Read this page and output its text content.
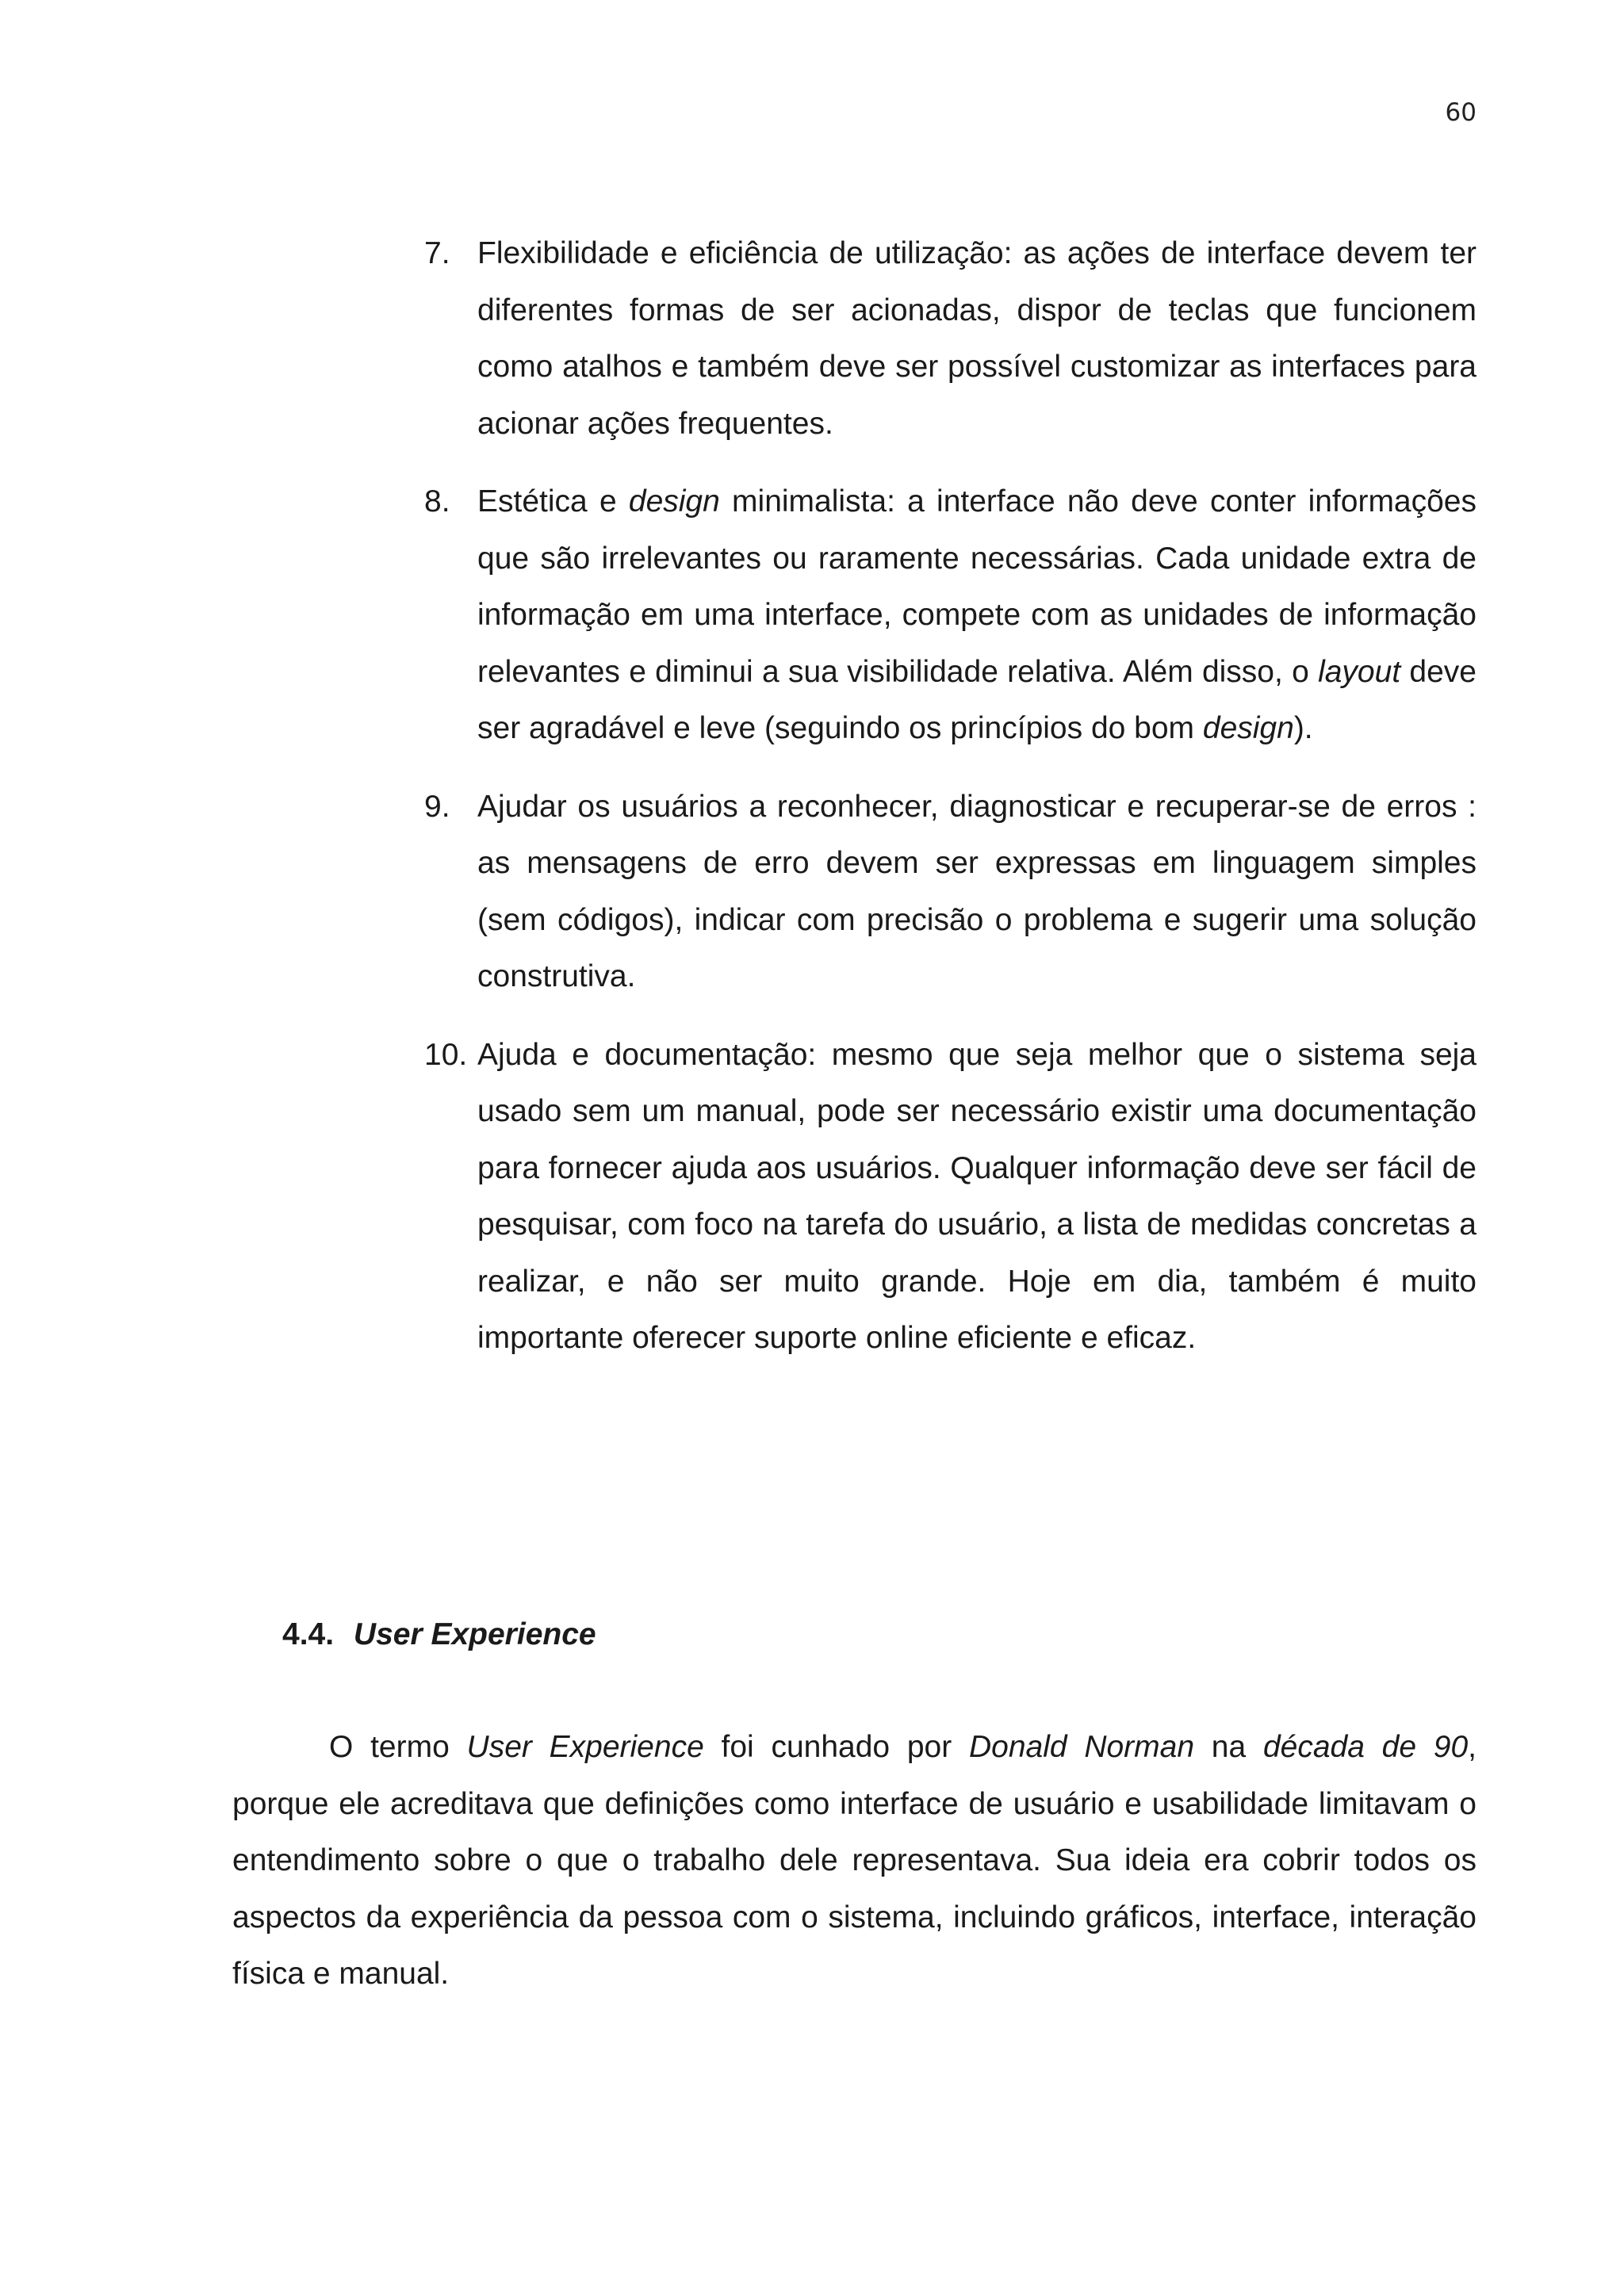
60
7. Flexibilidade e eficiência de utilização: as ações de interface devem ter diferentes formas de ser acionadas, dispor de teclas que funcionem como atalhos e também deve ser possível customizar as interfaces para acionar ações frequentes.
8. Estética e design minimalista: a interface não deve conter informações que são irrelevantes ou raramente necessárias. Cada unidade extra de informação em uma interface, compete com as unidades de informação relevantes e diminui a sua visibilidade relativa. Além disso, o layout deve ser agradável e leve (seguindo os princípios do bom design).
9. Ajudar os usuários a reconhecer, diagnosticar e recuperar-se de erros : as mensagens de erro devem ser expressas em linguagem simples (sem códigos), indicar com precisão o problema e sugerir uma solução construtiva.
10. Ajuda e documentação: mesmo que seja melhor que o sistema seja usado sem um manual, pode ser necessário existir uma documentação para fornecer ajuda aos usuários. Qualquer informação deve ser fácil de pesquisar, com foco na tarefa do usuário, a lista de medidas concretas a realizar, e não ser muito grande. Hoje em dia, também é muito importante oferecer suporte online eficiente e eficaz.
4.4. User Experience

O termo User Experience foi cunhado por Donald Norman na década de 90, porque ele acreditava que definições como interface de usuário e usabilidade limitavam o entendimento sobre o que o trabalho dele representava. Sua ideia era cobrir todos os aspectos da experiência da pessoa com o sistema, incluindo gráficos, interface, interação física e manual.
